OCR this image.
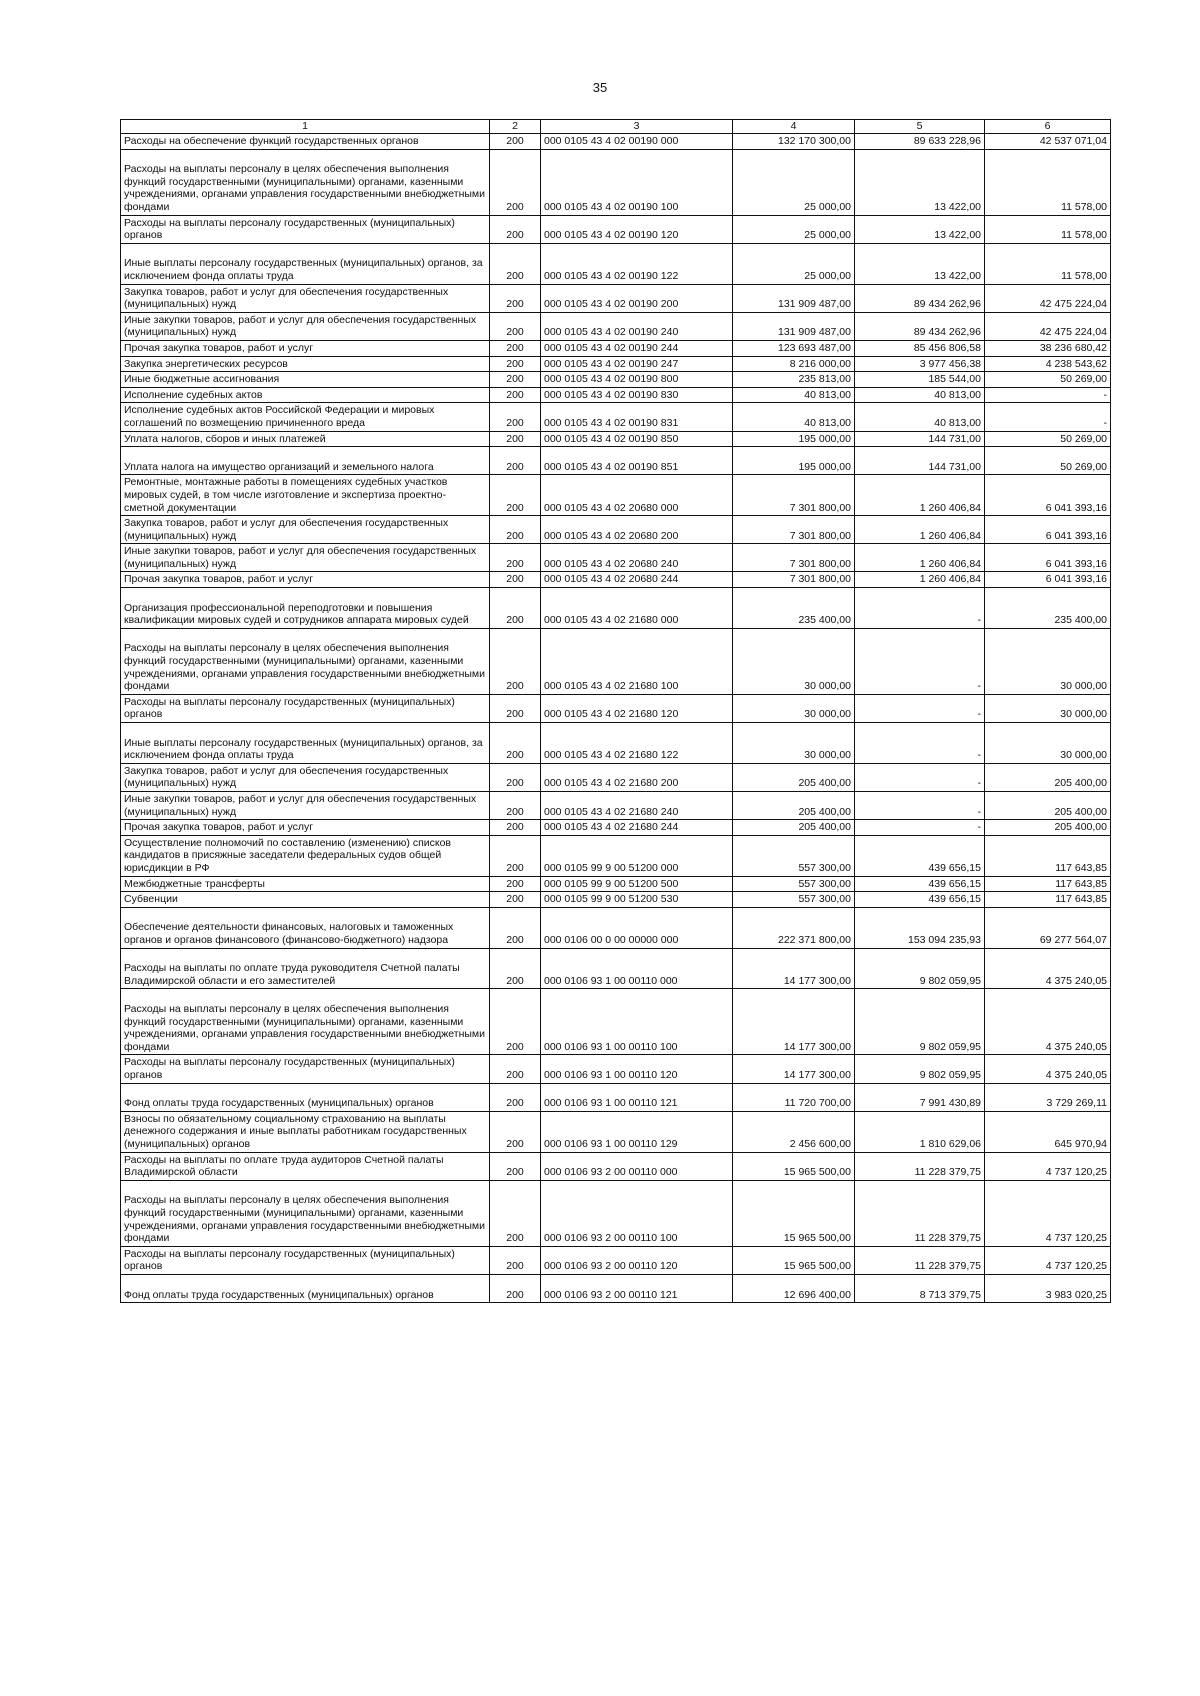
35
1	2	3	4	5	6
Расходы на обеспечение функций государственных органов	200	000 0105 43 4 02 00190 000	132 170 300,00	89 633 228,96	42 537 071,04
Расходы на выплаты персоналу в целях обеспечения выполнения функций государственными (муниципальными) органами, казенными учреждениями, органами управления государственными внебюджетными фондами	200	000 0105 43 4 02 00190 100	25 000,00	13 422,00	11 578,00
Расходы на выплаты персоналу государственных (муниципальных) органов	200	000 0105 43 4 02 00190 120	25 000,00	13 422,00	11 578,00
Иные выплаты персоналу государственных (муниципальных) органов, за исключением фонда оплаты труда	200	000 0105 43 4 02 00190 122	25 000,00	13 422,00	11 578,00
Закупка товаров, работ и услуг для обеспечения государственных (муниципальных) нужд	200	000 0105 43 4 02 00190 200	131 909 487,00	89 434 262,96	42 475 224,04
Иные закупки товаров, работ и услуг для обеспечения государственных (муниципальных) нужд	200	000 0105 43 4 02 00190 240	131 909 487,00	89 434 262,96	42 475 224,04
Прочая закупка товаров, работ и услуг	200	000 0105 43 4 02 00190 244	123 693 487,00	85 456 806,58	38 236 680,42
Закупка энергетических ресурсов	200	000 0105 43 4 02 00190 247	8 216 000,00	3 977 456,38	4 238 543,62
Иные бюджетные ассигнования	200	000 0105 43 4 02 00190 800	235 813,00	185 544,00	50 269,00
Исполнение судебных актов	200	000 0105 43 4 02 00190 830	40 813,00	40 813,00	-
Исполнение судебных актов Российской Федерации и мировых соглашений по возмещению причиненного вреда	200	000 0105 43 4 02 00190 831	40 813,00	40 813,00	-
Уплата налогов, сборов и иных платежей	200	000 0105 43 4 02 00190 850	195 000,00	144 731,00	50 269,00
Уплата налога на имущество организаций и земельного налога	200	000 0105 43 4 02 00190 851	195 000,00	144 731,00	50 269,00
Ремонтные, монтажные работы в помещениях судебных участков мировых судей, в том числе изготовление и экспертиза проектно-сметной документации	200	000 0105 43 4 02 20680 000	7 301 800,00	1 260 406,84	6 041 393,16
Закупка товаров, работ и услуг для обеспечения государственных (муниципальных) нужд	200	000 0105 43 4 02 20680 200	7 301 800,00	1 260 406,84	6 041 393,16
Иные закупки товаров, работ и услуг для обеспечения государственных (муниципальных) нужд	200	000 0105 43 4 02 20680 240	7 301 800,00	1 260 406,84	6 041 393,16
Прочая закупка товаров, работ и услуг	200	000 0105 43 4 02 20680 244	7 301 800,00	1 260 406,84	6 041 393,16
Организация профессиональной переподготовки и повышения квалификации мировых судей и сотрудников аппарата мировых судей	200	000 0105 43 4 02 21680 000	235 400,00	-	235 400,00
Расходы на выплаты персоналу в целях обеспечения выполнения функций государственными (муниципальными) органами, казенными учреждениями, органами управления государственными внебюджетными фондами	200	000 0105 43 4 02 21680 100	30 000,00	-	30 000,00
Расходы на выплаты персоналу государственных (муниципальных) органов	200	000 0105 43 4 02 21680 120	30 000,00	-	30 000,00
Иные выплаты персоналу государственных (муниципальных) органов, за исключением фонда оплаты труда	200	000 0105 43 4 02 21680 122	30 000,00	-	30 000,00
Закупка товаров, работ и услуг для обеспечения государственных (муниципальных) нужд	200	000 0105 43 4 02 21680 200	205 400,00	-	205 400,00
Иные закупки товаров, работ и услуг для обеспечения государственных (муниципальных) нужд	200	000 0105 43 4 02 21680 240	205 400,00	-	205 400,00
Прочая закупка товаров, работ и услуг	200	000 0105 43 4 02 21680 244	205 400,00	-	205 400,00
Осуществление полномочий по составлению (изменению) списков кандидатов в присяжные заседатели федеральных судов общей юрисдикции в РФ	200	000 0105 99 9 00 51200 000	557 300,00	439 656,15	117 643,85
Межбюджетные трансферты	200	000 0105 99 9 00 51200 500	557 300,00	439 656,15	117 643,85
Субвенции	200	000 0105 99 9 00 51200 530	557 300,00	439 656,15	117 643,85
Обеспечение деятельности финансовых, налоговых и таможенных органов и органов финансового (финансово-бюджетного) надзора	200	000 0106 00 0 00 00000 000	222 371 800,00	153 094 235,93	69 277 564,07
Расходы на выплаты по оплате труда руководителя Счетной палаты Владимирской области и его заместителей	200	000 0106 93 1 00 00110 000	14 177 300,00	9 802 059,95	4 375 240,05
Расходы на выплаты персоналу в целях обеспечения выполнения функций государственными (муниципальными) органами, казенными учреждениями, органами управления государственными внебюджетными фондами	200	000 0106 93 1 00 00110 100	14 177 300,00	9 802 059,95	4 375 240,05
Расходы на выплаты персоналу государственных (муниципальных) органов	200	000 0106 93 1 00 00110 120	14 177 300,00	9 802 059,95	4 375 240,05
Фонд оплаты труда государственных (муниципальных) органов	200	000 0106 93 1 00 00110 121	11 720 700,00	7 991 430,89	3 729 269,11
Взносы по обязательному социальному страхованию на выплаты денежного содержания и иные выплаты работникам государственных (муниципальных) органов	200	000 0106 93 1 00 00110 129	2 456 600,00	1 810 629,06	645 970,94
Расходы на выплаты по оплате труда аудиторов Счетной палаты Владимирской области	200	000 0106 93 2 00 00110 000	15 965 500,00	11 228 379,75	4 737 120,25
Расходы на выплаты персоналу в целях обеспечения выполнения функций государственными (муниципальными) органами, казенными учреждениями, органами управления государственными внебюджетными фондами	200	000 0106 93 2 00 00110 100	15 965 500,00	11 228 379,75	4 737 120,25
Расходы на выплаты персоналу государственных (муниципальных) органов	200	000 0106 93 2 00 00110 120	15 965 500,00	11 228 379,75	4 737 120,25
Фонд оплаты труда государственных (муниципальных) органов	200	000 0106 93 2 00 00110 121	12 696 400,00	8 713 379,75	3 983 020,25
